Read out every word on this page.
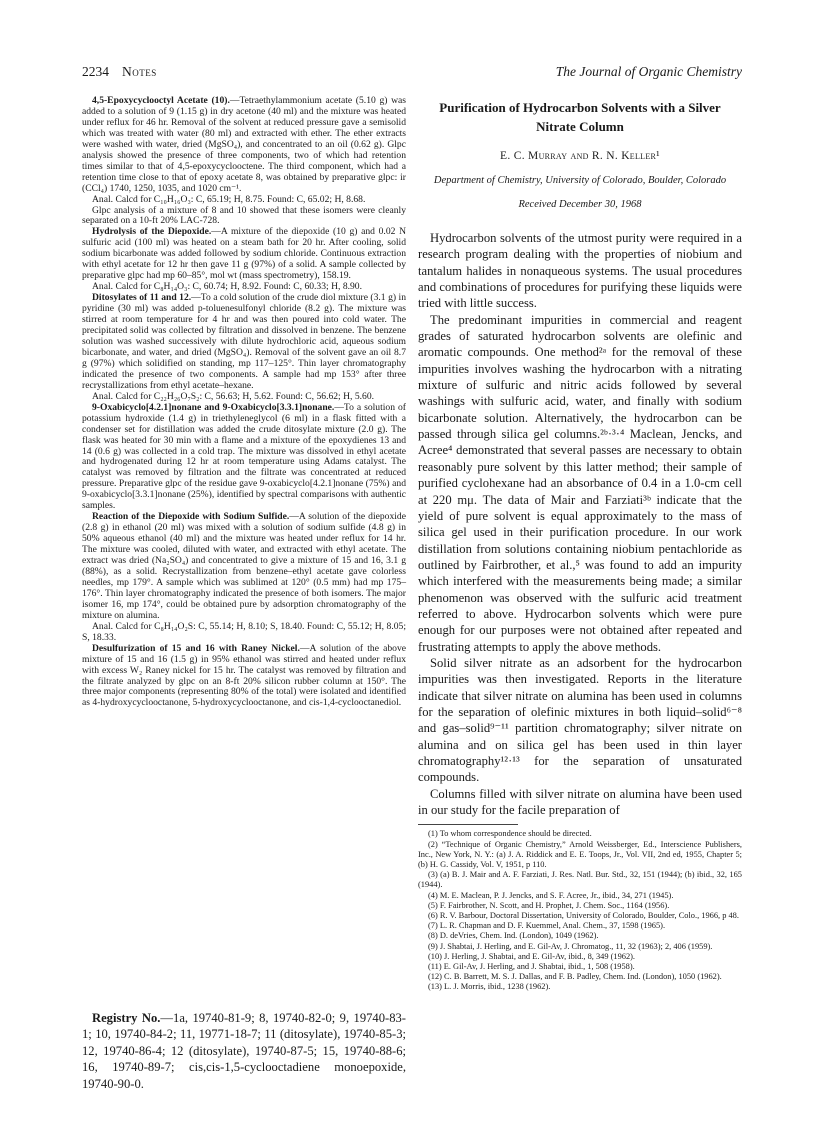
2234 Notes	The Journal of Organic Chemistry

4,5-Epoxycyclooctyl Acetate (10).—Tetraethylammonium acetate (5.10 g) was added to a solution of 9 (1.15 g) in dry acetone (40 ml) and the mixture was heated under reflux for 46 hr. Removal of the solvent at reduced pressure gave a semisolid which was treated with water (80 ml) and extracted with ether. The ether extracts were washed with water, dried (MgSO₄), and concentrated to an oil (0.62 g). Glpc analysis showed the presence of three components, two of which had retention times similar to that of 4,5-epoxycyclooctene. The third component, which had a retention time close to that of epoxy acetate 8, was obtained by preparative glpc: ir (CCl₄) 1740, 1250, 1035, and 1020 cm⁻¹.

Anal. Calcd for C₁₀H₁₆O₃: C, 65.19; H, 8.75. Found: C, 65.02; H, 8.68.

Glpc analysis of a mixture of 8 and 10 showed that these isomers were cleanly separated on a 10-ft 20% LAC-728.

Hydrolysis of the Diepoxide.—A mixture of the diepoxide (10 g) and 0.02 N sulfuric acid (100 ml) was heated on a steam bath for 20 hr. After cooling, solid sodium bicarbonate was added followed by sodium chloride. Continuous extraction with ethyl acetate for 12 hr then gave 11 g (97%) of a solid. A sample collected by preparative glpc had mp 60–85°, mol wt (mass spectrometry), 158.19.

Anal. Calcd for C₈H₁₄O₃: C, 60.74; H, 8.92. Found: C, 60.33; H, 8.90.

Ditosylates of 11 and 12.—To a cold solution of the crude diol mixture (3.1 g) in pyridine (30 ml) was added p-toluenesulfonyl chloride (8.2 g). The mixture was stirred at room temperature for 4 hr and was then poured into cold water. The precipitated solid was collected by filtration and dissolved in benzene. The benzene solution was washed successively with dilute hydrochloric acid, aqueous sodium bicarbonate, and water, and dried (MgSO₄). Removal of the solvent gave an oil 8.7 g (97%) which solidified on standing, mp 117–125°. Thin layer chromatography indicated the presence of two components. A sample had mp 153° after three recrystallizations from ethyl acetate–hexane.

Anal. Calcd for C₂₂H₂₆O₇S₂: C, 56.63; H, 5.62. Found: C, 56.62; H, 5.60.

9-Oxabicyclo[4.2.1]nonane and 9-Oxabicyclo[3.3.1]nonane.—To a solution of potassium hydroxide (1.4 g) in triethyleneglycol (6 ml) in a flask fitted with a condenser set for distillation was added the crude ditosylate mixture (2.0 g). The flask was heated for 30 min with a flame and a mixture of the epoxydienes 13 and 14 (0.6 g) was collected in a cold trap. The mixture was dissolved in ethyl acetate and hydrogenated during 12 hr at room temperature using Adams catalyst. The catalyst was removed by filtration and the filtrate was concentrated at reduced pressure. Preparative glpc of the residue gave 9-oxabicyclo[4.2.1]nonane (75%) and 9-oxabicyclo[3.3.1]nonane (25%), identified by spectral comparisons with authentic samples.

Reaction of the Diepoxide with Sodium Sulfide.—A solution of the diepoxide (2.8 g) in ethanol (20 ml) was mixed with a solution of sodium sulfide (4.8 g) in 50% aqueous ethanol (40 ml) and the mixture was heated under reflux for 14 hr. The mixture was cooled, diluted with water, and extracted with ethyl acetate. The extract was dried (Na₂SO₄) and concentrated to give a mixture of 15 and 16, 3.1 g (88%), as a solid. Recrystallization from benzene–ethyl acetate gave colorless needles, mp 179°. A sample which was sublimed at 120° (0.5 mm) had mp 175–176°. Thin layer chromatography indicated the presence of both isomers. The major isomer 16, mp 174°, could be obtained pure by adsorption chromatography of the mixture on alumina.

Anal. Calcd for C₈H₁₄O₂S: C, 55.14; H, 8.10; S, 18.40. Found: C, 55.12; H, 8.05; S, 18.33.

Desulfurization of 15 and 16 with Raney Nickel.—A solution of the above mixture of 15 and 16 (1.5 g) in 95% ethanol was stirred and heated under reflux with excess W₂ Raney nickel for 15 hr. The catalyst was removed by filtration and the filtrate analyzed by glpc on an 8-ft 20% silicon rubber column at 150°. The three major components (representing 80% of the total) were isolated and identified as 4-hydroxycyclooctanone, 5-hydroxycyclooctanone, and cis-1,4-cyclooctanediol.

Registry No.—1a, 19740-81-9; 8, 19740-82-0; 9, 19740-83-1; 10, 19740-84-2; 11, 19771-18-7; 11 (ditosylate), 19740-85-3; 12, 19740-86-4; 12 (ditosylate), 19740-87-5; 15, 19740-88-6; 16, 19740-89-7; cis,cis-1,5-cyclooctadiene monoepoxide, 19740-90-0.

Purification of Hydrocarbon Solvents with a Silver Nitrate Column
E. C. Murray and R. N. Keller¹
Department of Chemistry, University of Colorado, Boulder, Colorado
Received December 30, 1968

Hydrocarbon solvents of the utmost purity were required in a research program dealing with the properties of niobium and tantalum halides in nonaqueous systems. The usual procedures and combinations of procedures for purifying these liquids were tried with little success.

The predominant impurities in commercial and reagent grades of saturated hydrocarbon solvents are olefinic and aromatic compounds. One method²ᵃ for the removal of these impurities involves washing the hydrocarbon with a nitrating mixture of sulfuric and nitric acids followed by several washings with sulfuric acid, water, and finally with sodium bicarbonate solution. Alternatively, the hydrocarbon can be passed through silica gel columns.²ᵇ·³·⁴ Maclean, Jencks, and Acree⁴ demonstrated that several passes are necessary to obtain reasonably pure solvent by this latter method; their sample of purified cyclohexane had an absorbance of 0.4 in a 1.0-cm cell at 220 mμ. The data of Mair and Farziati³ᵇ indicate that the yield of pure solvent is equal approximately to the mass of silica gel used in their purification procedure. In our work distillation from solutions containing niobium pentachloride as outlined by Fairbrother, et al.,⁵ was found to add an impurity which interfered with the measurements being made; a similar phenomenon was observed with the sulfuric acid treatment referred to above. Hydrocarbon solvents which were pure enough for our purposes were not obtained after repeated and frustrating attempts to apply the above methods.

Solid silver nitrate as an adsorbent for the hydrocarbon impurities was then investigated. Reports in the literature indicate that silver nitrate on alumina has been used in columns for the separation of olefinic mixtures in both liquid–solid⁶⁻⁸ and gas–solid⁹⁻¹¹ partition chromatography; silver nitrate on alumina and on silica gel has been used in thin layer chromatography¹²·¹³ for the separation of unsaturated compounds.

Columns filled with silver nitrate on alumina have been used in our study for the facile preparation of

(1) To whom correspondence should be directed.

(2) “Technique of Organic Chemistry,” Arnold Weissberger, Ed., Interscience Publishers, Inc., New York, N. Y.: (a) J. A. Riddick and E. E. Toops, Jr., Vol. VII, 2nd ed, 1955, Chapter 5; (b) H. G. Cassidy, Vol. V, 1951, p 110.

(3) (a) B. J. Mair and A. F. Farziati, J. Res. Natl. Bur. Std., 32, 151 (1944); (b) ibid., 32, 165 (1944).

(4) M. E. Maclean, P. J. Jencks, and S. F. Acree, Jr., ibid., 34, 271 (1945).

(5) F. Fairbrother, N. Scott, and H. Prophet, J. Chem. Soc., 1164 (1956).

(6) R. V. Barbour, Doctoral Dissertation, University of Colorado, Boulder, Colo., 1966, p 48.

(7) L. R. Chapman and D. F. Kuemmel, Anal. Chem., 37, 1598 (1965).

(8) D. deVries, Chem. Ind. (London), 1049 (1962).

(9) J. Shabtai, J. Herling, and E. Gil-Av, J. Chromatog., 11, 32 (1963); 2, 406 (1959).

(10) J. Herling, J. Shabtai, and E. Gil-Av, ibid., 8, 349 (1962).

(11) E. Gil-Av, J. Herling, and J. Shabtai, ibid., 1, 508 (1958).

(12) C. B. Barrett, M. S. J. Dallas, and F. B. Padley, Chem. Ind. (London), 1050 (1962).

(13) L. J. Morris, ibid., 1238 (1962).
